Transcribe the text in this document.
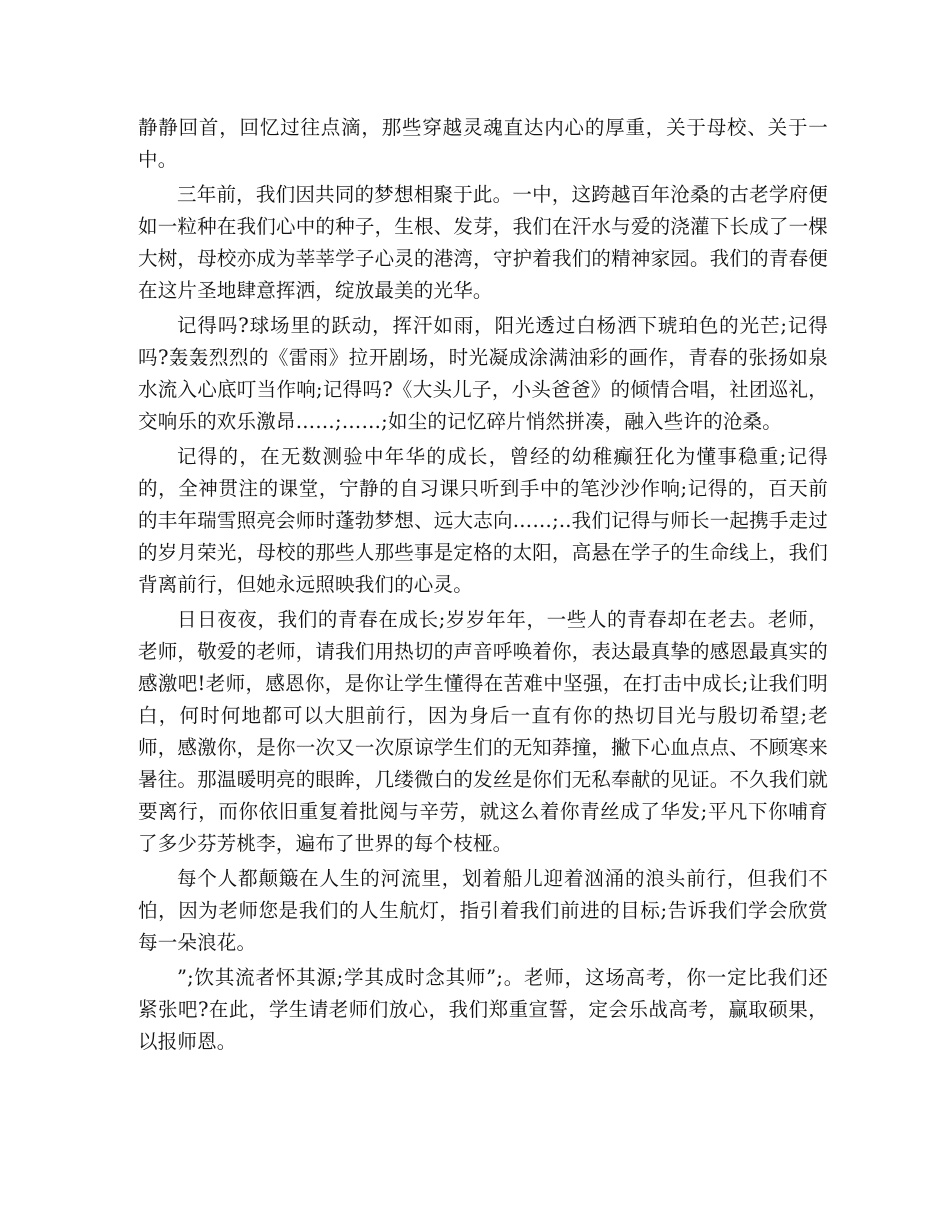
静静回首，回忆过往点滴，那些穿越灵魂直达内心的厚重，关于母校、关于一中。

三年前，我们因共同的梦想相聚于此。一中，这跨越百年沧桑的古老学府便如一粒种在我们心中的种子，生根、发芽，我们在汗水与爱的浇灌下长成了一棵大树，母校亦成为莘莘学子心灵的港湾，守护着我们的精神家园。我们的青春便在这片圣地肆意挥洒，绽放最美的光华。

记得吗?球场里的跃动，挥汗如雨，阳光透过白杨洒下琥珀色的光芒;记得吗?轰轰烈烈的《雷雨》拉开剧场，时光凝成涂满油彩的画作，青春的张扬如泉水流入心底叮当作响;记得吗?《大头儿子，小头爸爸》的倾情合唱，社团巡礼，交响乐的欢乐激昂……;……;如尘的记忆碎片悄然拼凑，融入些许的沧桑。

记得的，在无数测验中年华的成长，曾经的幼稚癫狂化为懂事稳重;记得的，全神贯注的课堂，宁静的自习课只听到手中的笔沙沙作响;记得的，百天前的丰年瑞雪照亮会师时蓬勃梦想、远大志向……;..我们记得与师长一起携手走过的岁月荣光，母校的那些人那些事是定格的太阳，高悬在学子的生命线上，我们背离前行，但她永远照映我们的心灵。

日日夜夜，我们的青春在成长;岁岁年年，一些人的青春却在老去。老师，老师，敬爱的老师，请我们用热切的声音呼唤着你，表达最真挚的感恩最真实的感激吧!老师，感恩你，是你让学生懂得在苦难中坚强，在打击中成长;让我们明白，何时何地都可以大胆前行，因为身后一直有你的热切目光与殷切希望;老师，感激你，是你一次又一次原谅学生们的无知莽撞，撇下心血点点、不顾寒来暑往。那温暖明亮的眼眸，几缕微白的发丝是你们无私奉献的见证。不久我们就要离行，而你依旧重复着批阅与辛劳，就这么着你青丝成了华发;平凡下你哺育了多少芬芳桃李，遍布了世界的每个枝桠。

每个人都颠簸在人生的河流里，划着船儿迎着汹涌的浪头前行，但我们不怕，因为老师您是我们的人生航灯，指引着我们前进的目标;告诉我们学会欣赏每一朵浪花。

”;饮其流者怀其源;学其成时念其师”;。老师，这场高考，你一定比我们还紧张吧?在此，学生请老师们放心，我们郑重宣誓，定会乐战高考，赢取硕果，以报师恩。
